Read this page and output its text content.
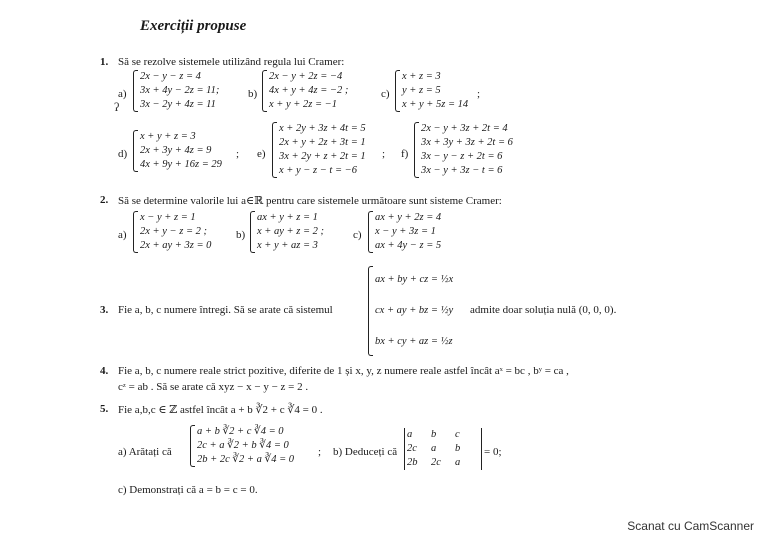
Exerciții propuse
1. Să se rezolve sistemele utilizând regula lui Cramer:
a)
2x − y − z = 4
3x + 4y − 2z = 11;
3x − 2y + 4z = 11
ʔ
b)
2x − y + 2z = −4
4x + y + 4z = −2 ;
x + y + 2z = −1
c)
x + z = 3
y + z = 5
x + y + 5z = 14
;
d)
x + y + z = 3
2x + 3y + 4z = 9
4x + 9y + 16z = 29
; e)
x + 2y + 3z + 4t = 5
2x + y + 2z + 3t = 1
3x + 2y + z + 2t = 1
x + y − z − t = −6
; f)
2x − y + 3z + 2t = 4
3x + 3y + 3z + 2t = 6
3x − y − z + 2t = 6
3x − y + 3z − t = 6
2. Să se determine valorile lui a∈ℝ pentru care sistemele următoare sunt sisteme Cramer:
a)
x − y + z = 1
2x + y − z = 2 ;
2x + ay + 3z = 0
b)
ax + y + z = 1
x + ay + z = 2 ;
x + y + az = 3
c)
ax + y + 2z = 4
x − y + 3z = 1
ax + 4y − z = 5
3. Fie a, b, c numere întregi. Să se arate că sistemul
ax + by + cz = ½x
cx + ay + bz = ½y
bx + cy + az = ½z
admite doar soluția nulă (0, 0, 0).
4. Fie a, b, c numere reale strict pozitive, diferite de 1 și x, y, z numere reale astfel încât aˣ = bc , bʸ = ca ,
cᶻ = ab . Să se arate că xyz − x − y − z = 2 .
5. Fie a,b,c ∈ ℤ astfel încât a + b ∛2 + c ∛4 = 0 .
a) Arătați că
a + b ∛2 + c ∛4 = 0
2c + a ∛2 + b ∛4 = 0
2b + 2c ∛2 + a ∛4 = 0
; b) Deduceți că
a	b	c
2c	a	b
2b	2c	a
= 0;
c) Demonstrați că a = b = c = 0.
Scanat cu CamScanner
